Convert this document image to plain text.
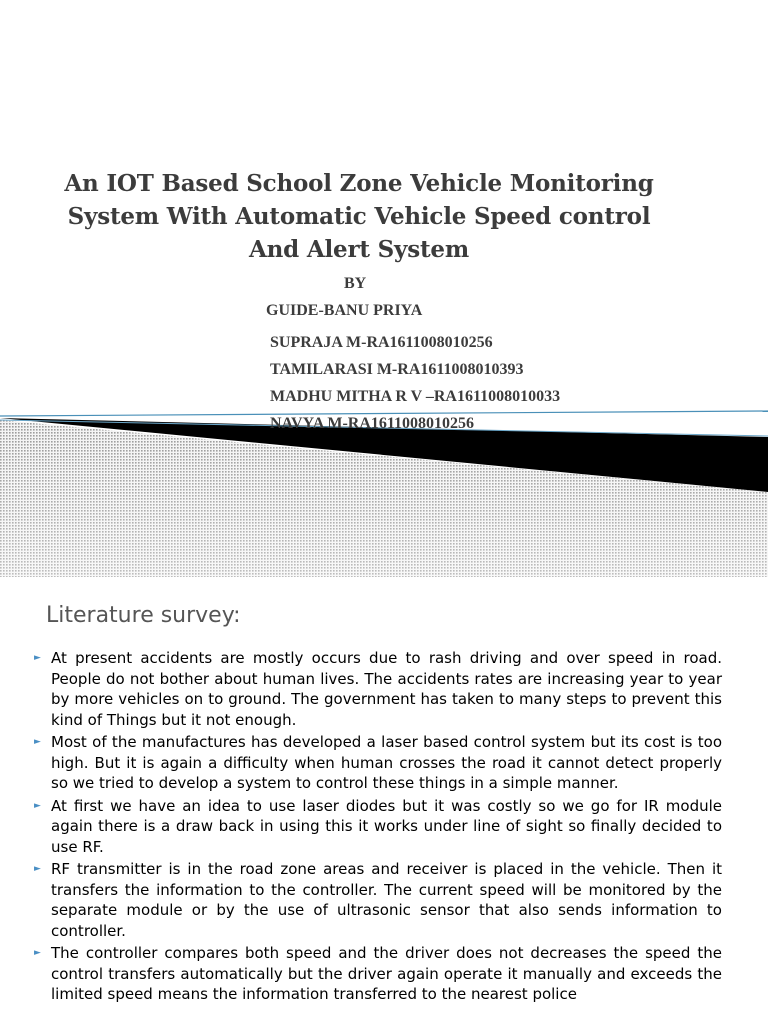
An IOT Based School Zone Vehicle Monitoring System With Automatic Vehicle Speed control And Alert System
BY
GUIDE-BANU PRIYA
SUPRAJA M-RA1611008010256
TAMILARASI M-RA1611008010393
MADHU MITHA R V –RA1611008010033
NAVYA M-RA1611008010256
Literature survey:
► At present accidents are mostly occurs due to rash driving and over speed in road. People do not bother about human lives. The accidents rates are increasing year to year by more vehicles on to ground. The government has taken to many steps to prevent this kind of Things but it not enough.
► Most of the manufactures has developed a laser based control system but its cost is too high. But it is again a difficulty when human crosses the road it cannot detect properly so we tried to develop a system to control these things in a simple manner.
► At first we have an idea to use laser diodes but it was costly so we go for IR module again there is a draw back in using this it works under line of sight so finally decided to use RF.
► RF transmitter is in the road zone areas and receiver is placed in the vehicle. Then it transfers the information to the controller. The current speed will be monitored by the separate module or by the use of ultrasonic sensor that also sends information to controller.
► The controller compares both speed and the driver does not decreases the speed the control transfers automatically but the driver again operate it manually and exceeds the limited speed means the information transferred to the nearest police
